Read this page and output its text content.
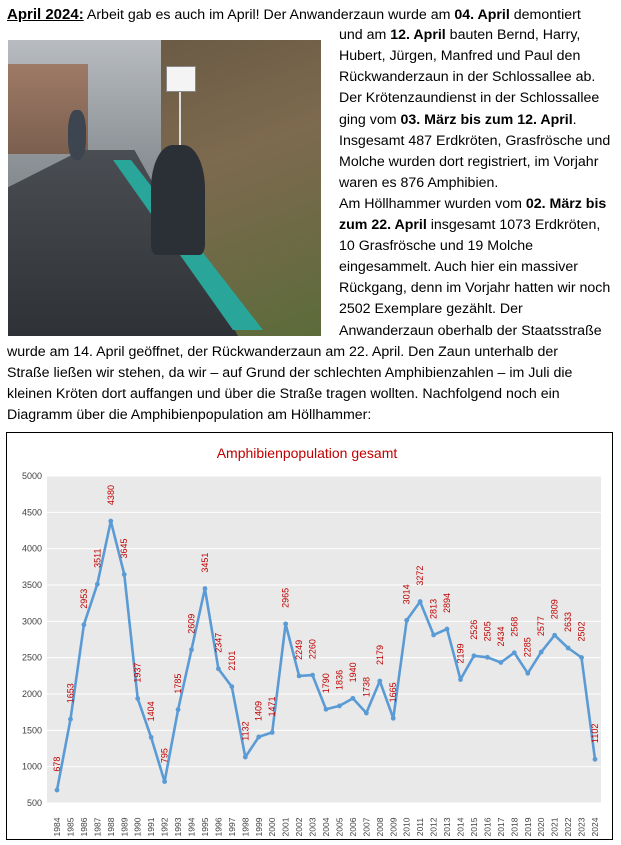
April 2024: Arbeit gab es auch im April! Der Anwanderzaun wurde am 04. April demontiert
und am 12. April bauten Bernd, Harry,
Hubert, Jürgen, Manfred und Paul den
Rückwanderzaun in der Schlossallee ab.
Der Krötenzaundienst in der Schlossallee
ging vom 03. März bis zum 12. April.
Insgesamt 487 Erdkröten, Grasfrösche und
Molche wurden dort registriert, im Vorjahr
waren es 876 Amphibien.
Am Höllhammer wurden vom 02. März bis
zum 22. April insgesamt 1073 Erdkröten,
10 Grasfrösche und 19 Molche
eingesammelt. Auch hier ein massiver
Rückgang, denn im Vorjahr hatten wir noch
2502 Exemplare gezählt. Der
Anwanderzaun oberhalb der Staatsstraße
wurde am 14. April geöffnet, der Rückwanderzaun am 22. April. Den Zaun unterhalb der
Straße ließen wir stehen, da wir – auf Grund der schlechten Amphibienzahlen – im Juli die
kleinen Kröten dort auffangen und über die Straße tragen wollten. Nachfolgend noch ein
Diagramm über die Amphibienpopulation am Höllhammer:
500
1000
1500
2000
2500
3000
3500
4000
4500
5000
Amphibienpopulation gesamt
678
1653
2953
3511
4380
3645
1937
1404
795
1785
2609
3451
2347
2101
1132
1409 1471
2965
2249 2260
1790 1836 1940
1738
2179
1665
3014
3272
2813 2894
2199
2526 2505 2434 2568
2285
2577
2809
2633 2502
1102
1984 1985 1986 1987 1988 1989 1990 1991 1992 1993 1994 1995 1996 1997 1998 1999 2000 2001 2002 2003 2004 2005 2006 2007 2008 2009 2010 2011 2012 2013 2014 2015 2016 2017 2018 2019 2020 2021 2022 2023 2024
